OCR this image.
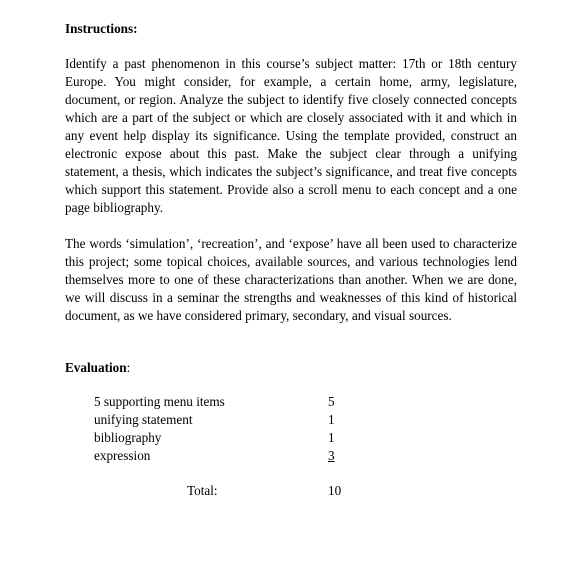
Instructions:

Identify a past phenomenon in this course’s subject matter: 17th or 18th century Europe. You might consider, for example, a certain home, army, legislature, document, or region. Analyze the subject to identify five closely connected concepts which are a part of the subject or which are closely associated with it and which in any event help display its significance. Using the template provided, construct an electronic expose about this past. Make the subject clear through a unifying statement, a thesis, which indicates the subject’s significance, and treat five concepts which support this statement. Provide also a scroll menu to each concept and a one page bibliography.

The words ‘simulation’, ‘recreation’, and ‘expose’ have all been used to characterize this project; some topical choices, available sources, and various technologies lend themselves more to one of these characterizations than another. When we are done, we will discuss in a seminar the strengths and weaknesses of this kind of historical document, as we have considered primary, secondary, and visual sources.

Evaluation:
5 supporting menu items	5
unifying statement	1
bibliography	1
expression	3
Total:	10
